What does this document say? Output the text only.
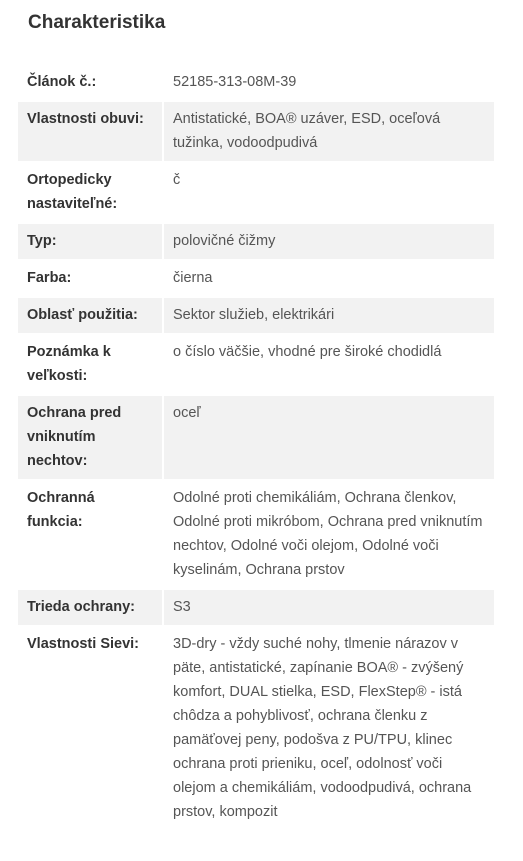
Charakteristika
Článok č.:	52185-313-08M-39
Vlastnosti obuvi:	Antistatické, BOA® uzáver, ESD, oceľová tužinka, vodoodpudivá
Ortopedicky nastaviteľné:	č
Typ:	polovičné čižmy
Farba:	čierna
Oblasť použitia:	Sektor služieb, elektrikári
Poznámka k veľkosti:	o číslo väčšie, vhodné pre široké chodidlá
Ochrana pred vniknutím nechtov:	oceľ
Ochranná funkcia:	Odolné proti chemikáliám, Ochrana členkov, Odolné proti mikróbom, Ochrana pred vniknutím nechtov, Odolné voči olejom, Odolné voči kyselinám, Ochrana prstov
Trieda ochrany:	S3
Vlastnosti Sievi:	3D-dry - vždy suché nohy, tlmenie nárazov v päte, antistatické, zapínanie BOA® - zvýšený komfort, DUAL stielka, ESD, FlexStep® - istá chôdza a pohyblivosť, ochrana členku z pamäťovej peny, podošva z PU/TPU, klinec ochrana proti prieniku, oceľ, odolnosť voči olejom a chemikáliám, vodoodpudivá, ochrana prstov, kompozit
